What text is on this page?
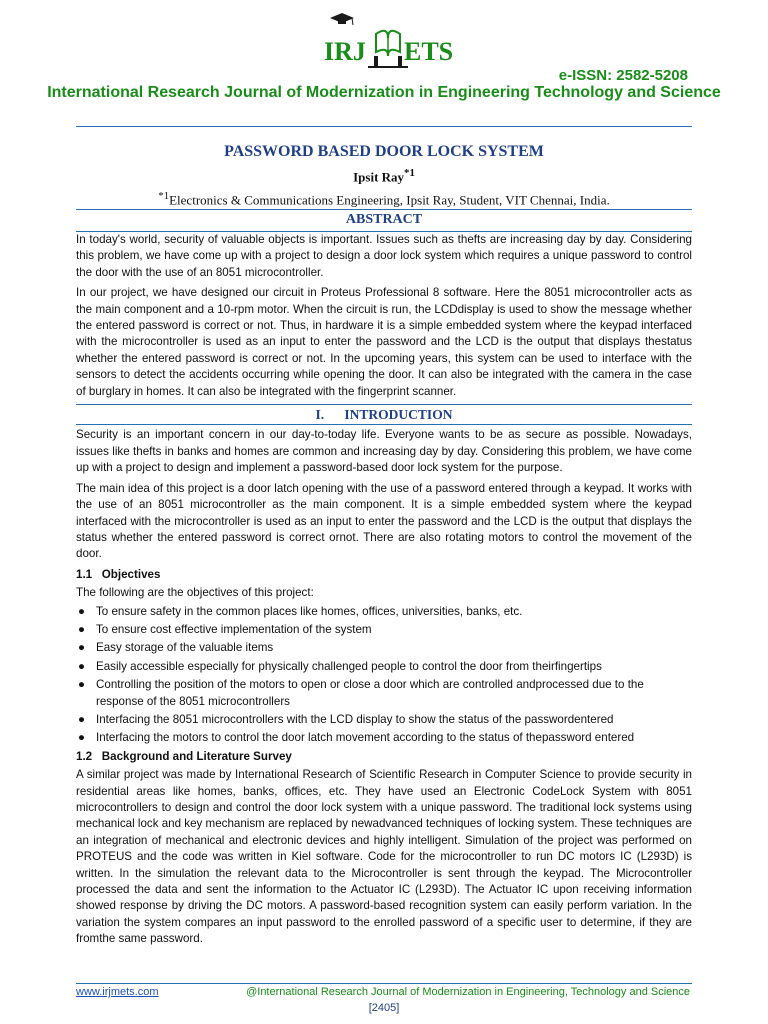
IRJ ETS
e-ISSN: 2582-5208
International Research Journal of Modernization in Engineering Technology and Science
PASSWORD BASED DOOR LOCK SYSTEM
Ipsit Ray$^{*1}$
$^{*1}$Electronics & Communications Engineering, Ipsit Ray, Student, VIT Chennai, India.
ABSTRACT

In today's world, security of valuable objects is important. Issues such as thefts are increasing day by day. Considering this problem, we have come up with a project to design a door lock system which requires a unique password to control the door with the use of an 8051 microcontroller.

In our project, we have designed our circuit in Proteus Professional 8 software. Here the 8051 microcontroller acts as the main component and a 10-rpm motor. When the circuit is run, the LCDdisplay is used to show the message whether the entered password is correct or not. Thus, in hardware it is a simple embedded system where the keypad interfaced with the microcontroller is used as an input to enter the password and the LCD is the output that displays thestatus whether the entered password is correct or not. In the upcoming years, this system can be used to interface with the sensors to detect the accidents occurring while opening the door. It can also be integrated with the camera in the case of burglary in homes. It can also be integrated with the fingerprint scanner.

I.      INTRODUCTION

Security is an important concern in our day-to-today life. Everyone wants to be as secure as possible. Nowadays, issues like thefts in banks and homes are common and increasing day by day. Considering this problem, we have come up with a project to design and implement a password-based door lock system for the purpose.

The main idea of this project is a door latch opening with the use of a password entered through a keypad. It works with the use of an 8051 microcontroller as the main component. It is a simple embedded system where the keypad interfaced with the microcontroller is used as an input to enter the password and the LCD is the output that displays the status whether the entered password is correct ornot. There are also rotating motors to control the movement of the door.

1.1   Objectives

The following are the objectives of this project:

● To ensure safety in the common places like homes, offices, universities, banks, etc.
● To ensure cost effective implementation of the system
● Easy storage of the valuable items
● Easily accessible especially for physically challenged people to control the door from theirfingertips
● Controlling the position of the motors to open or close a door which are controlled andprocessed due to the response of the 8051 microcontrollers
● Interfacing the 8051 microcontrollers with the LCD display to show the status of the passwordentered
● Interfacing the motors to control the door latch movement according to the status of thepassword entered
1.2   Background and Literature Survey

A similar project was made by International Research of Scientific Research in Computer Science to provide security in residential areas like homes, banks, offices, etc. They have used an Electronic CodeLock System with 8051 microcontrollers to design and control the door lock system with a unique password. The traditional lock systems using mechanical lock and key mechanism are replaced by newadvanced techniques of locking system. These techniques are an integration of mechanical and electronic devices and highly intelligent. Simulation of the project was performed on PROTEUS and the code was written in Kiel software. Code for the microcontroller to run DC motors IC (L293D) is written. In the simulation the relevant data to the Microcontroller is sent through the keypad. The Microcontroller processed the data and sent the information to the Actuator IC (L293D). The Actuator IC upon receiving information showed response by driving the DC motors. A password-based recognition system can easily perform variation. In the variation the system compares an input password to the enrolled password of a specific user to determine, if they are fromthe same password.

www.irjmets.com	@International Research Journal of Modernization in Engineering, Technology and Science
[2405]
